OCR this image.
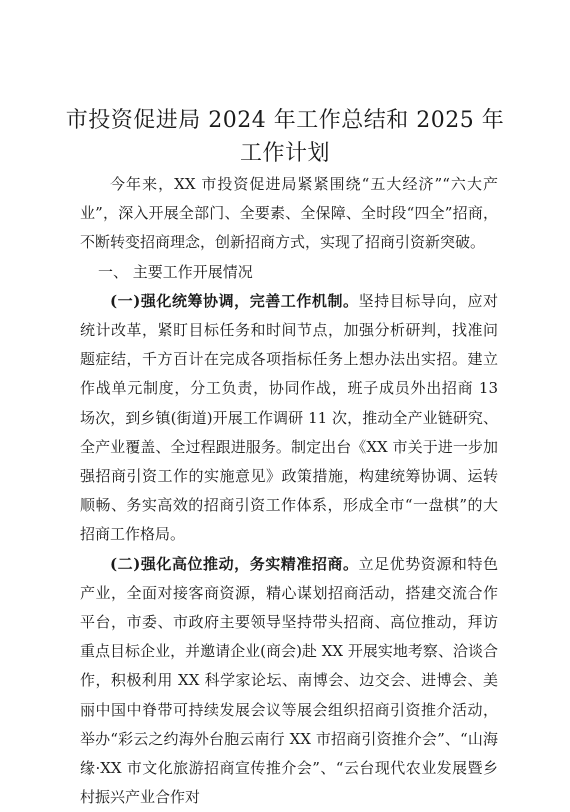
市投资促进局 2024 年工作总结和 2025 年工作计划

今年来，XX 市投资促进局紧紧围绕“五大经济”“六大产业”，深入开展全部门、全要素、全保障、全时段“四全”招商，不断转变招商理念，创新招商方式，实现了招商引资新突破。

一、 主要工作开展情况

(一)强化统筹协调，完善工作机制。坚持目标导向，应对统计改革，紧盯目标任务和时间节点，加强分析研判，找准问题症结，千方百计在完成各项指标任务上想办法出实招。建立作战单元制度，分工负责，协同作战，班子成员外出招商 13 场次，到乡镇(街道)开展工作调研 11 次，推动全产业链研究、全产业覆盖、全过程跟进服务。制定出台《XX 市关于进一步加强招商引资工作的实施意见》政策措施，构建统筹协调、运转顺畅、务实高效的招商引资工作体系，形成全市“一盘棋”的大招商工作格局。

(二)强化高位推动，务实精准招商。立足优势资源和特色产业，全面对接客商资源，精心谋划招商活动，搭建交流合作平台，市委、市政府主要领导坚持带头招商、高位推动，拜访重点目标企业，并邀请企业(商会)赴 XX 开展实地考察、洽谈合作，积极利用 XX 科学家论坛、南博会、边交会、进博会、美丽中国中脊带可持续发展会议等展会组织招商引资推介活动，举办“彩云之约海外台胞云南行 XX 市招商引资推介会”、“山海缘·XX 市文化旅游招商宣传推介会”、“云台现代农业发展暨乡村振兴产业合作对
